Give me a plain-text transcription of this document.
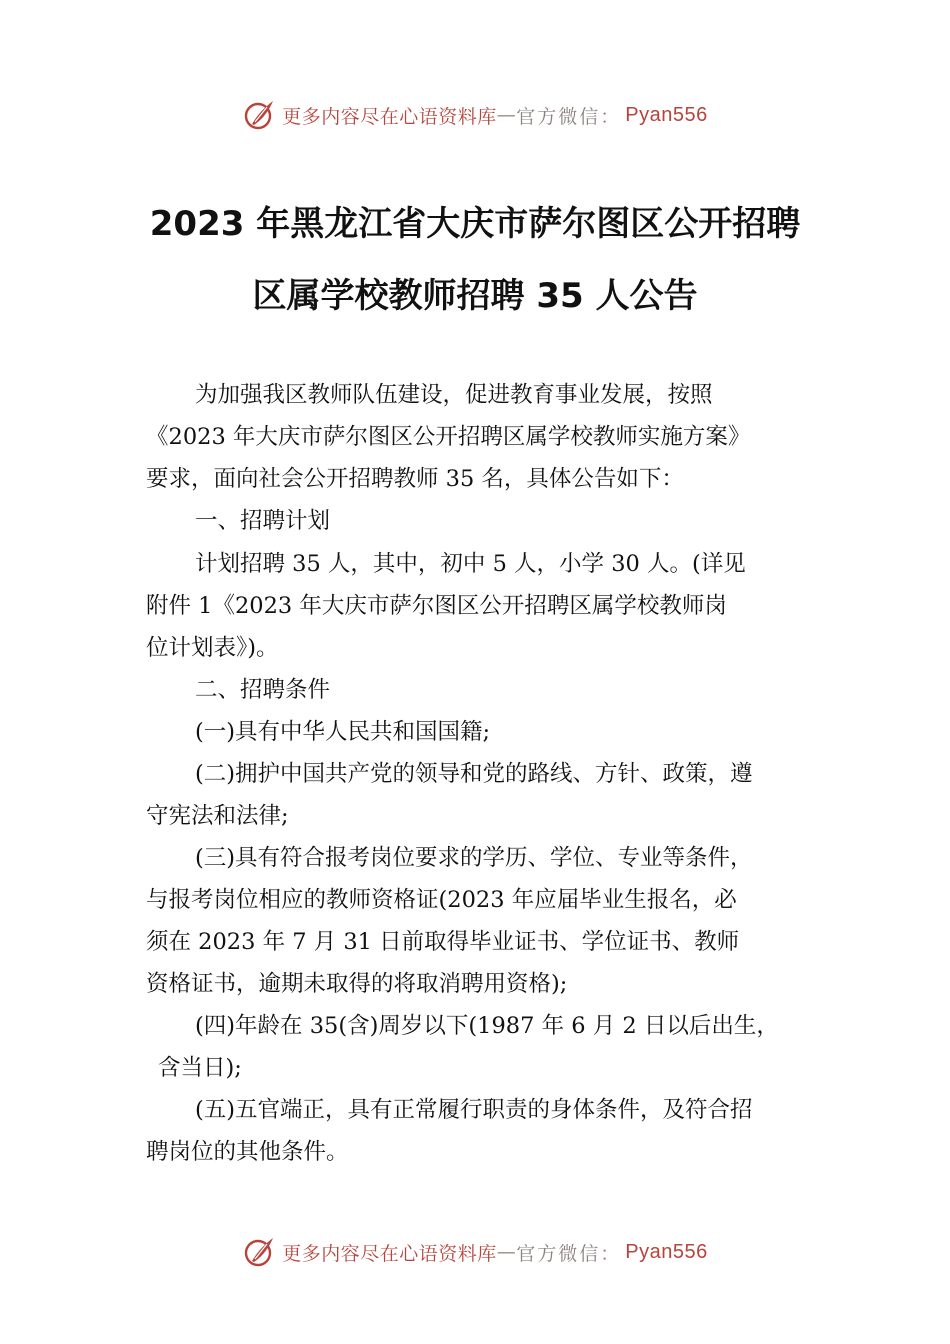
更多内容尽在心语资料库 — 官方微信： Pyan556
2023 年黑龙江省大庆市萨尔图区公开招聘
区属学校教师招聘 35 人公告
为加强我区教师队伍建设，促进教育事业发展，按照
《2023 年大庆市萨尔图区公开招聘区属学校教师实施方案》
要求，面向社会公开招聘教师 35 名，具体公告如下：
一、招聘计划
计划招聘 35 人，其中，初中 5 人，小学 30 人。(详见
附件 1《2023 年大庆市萨尔图区公开招聘区属学校教师岗
位计划表》)。
二、招聘条件
(一)具有中华人民共和国国籍;
(二)拥护中国共产党的领导和党的路线、方针、政策，遵
守宪法和法律;
(三)具有符合报考岗位要求的学历、学位、专业等条件，
与报考岗位相应的教师资格证(2023 年应届毕业生报名，必
须在 2023 年 7 月 31 日前取得毕业证书、学位证书、教师
资格证书，逾期未取得的将取消聘用资格);
(四)年龄在 35(含)周岁以下(1987 年 6 月 2 日以后出生，
含当日);
(五)五官端正，具有正常履行职责的身体条件，及符合招
聘岗位的其他条件。
更多内容尽在心语资料库 — 官方微信： Pyan556
